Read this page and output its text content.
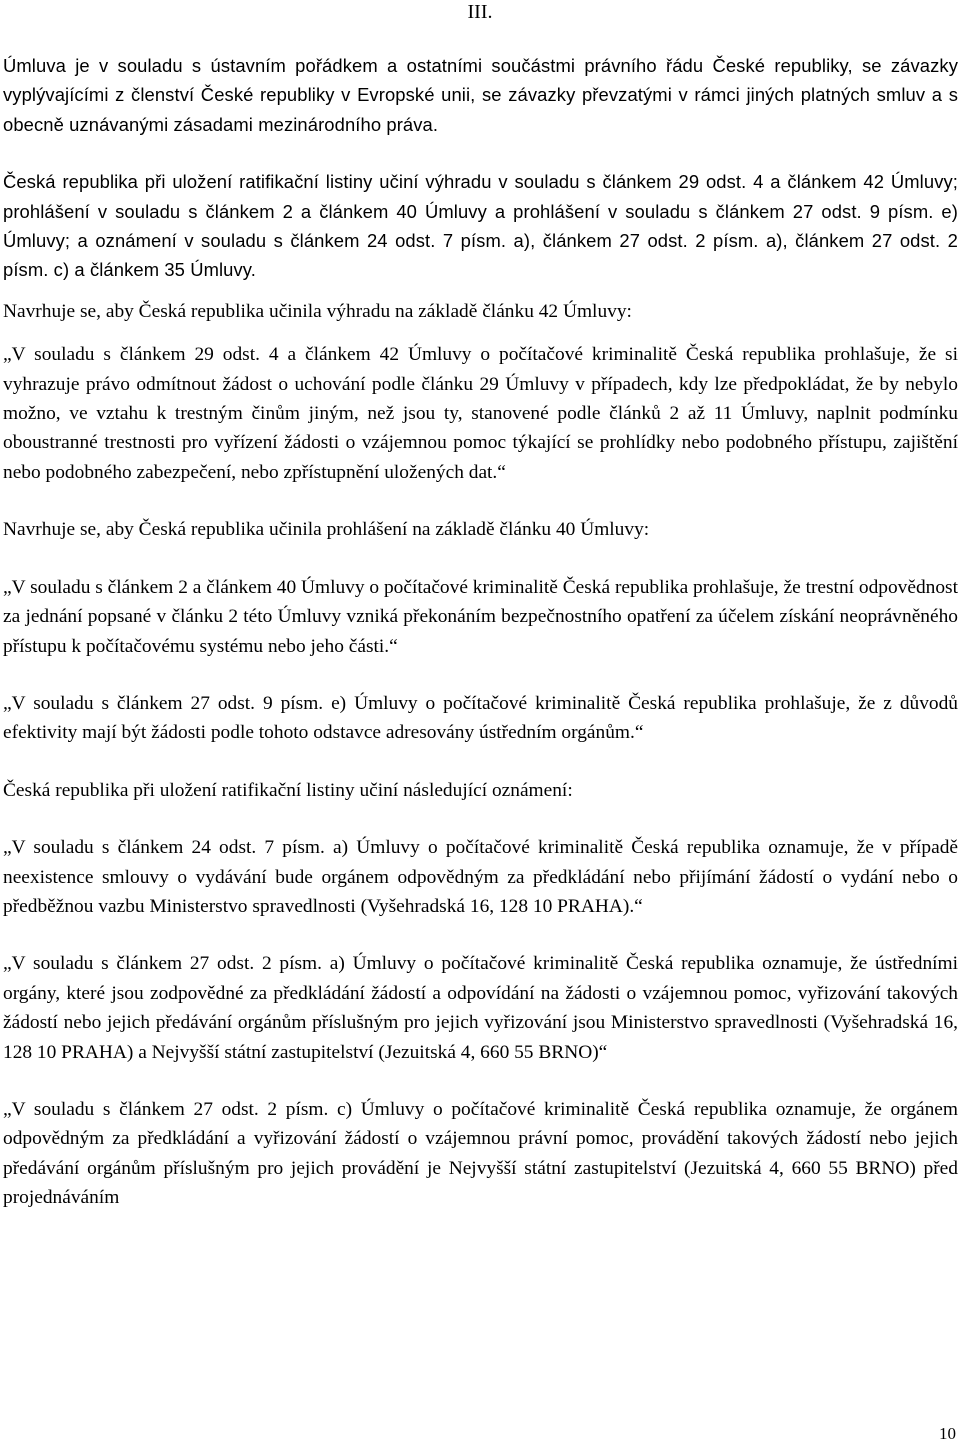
III.

Úmluva je v souladu s ústavním pořádkem a ostatními součástmi právního řádu České republiky, se závazky vyplývajícími z členství České republiky v Evropské unii, se závazky převzatými v rámci jiných platných smluv a s obecně uznávanými zásadami mezinárodního práva.

Česká republika při uložení ratifikační listiny učiní výhradu v souladu s článkem 29 odst. 4 a článkem 42 Úmluvy; prohlášení v souladu s článkem 2 a článkem 40 Úmluvy a prohlášení v souladu s článkem 27 odst. 9 písm. e) Úmluvy; a oznámení v souladu s článkem 24 odst. 7 písm. a), článkem 27 odst. 2 písm. a), článkem 27 odst. 2 písm. c) a článkem 35 Úmluvy.

Navrhuje se, aby Česká republika učinila výhradu na základě článku 42 Úmluvy:

„V souladu s článkem 29 odst. 4 a článkem 42 Úmluvy o počítačové kriminalitě Česká republika prohlašuje, že si vyhrazuje právo odmítnout žádost o uchování podle článku 29 Úmluvy v případech, kdy lze předpokládat, že by nebylo možno, ve vztahu k trestným činům jiným, než jsou ty, stanovené podle článků 2 až 11 Úmluvy, naplnit podmínku oboustranné trestnosti pro vyřízení žádosti o vzájemnou pomoc týkající se prohlídky nebo podobného přístupu, zajištění nebo podobného zabezpečení, nebo zpřístupnění uložených dat.“

Navrhuje se, aby Česká republika učinila prohlášení na základě článku 40 Úmluvy:

„V souladu s článkem 2 a článkem 40 Úmluvy o počítačové kriminalitě Česká republika prohlašuje, že trestní odpovědnost za jednání popsané v článku 2 této Úmluvy vzniká překonáním bezpečnostního opatření za účelem získání neoprávněného přístupu k počítačovému systému nebo jeho části.“

„V souladu s článkem 27 odst. 9 písm. e) Úmluvy o počítačové kriminalitě Česká republika prohlašuje, že z důvodů efektivity mají být žádosti podle tohoto odstavce adresovány ústředním orgánům.“

Česká republika při uložení ratifikační listiny učiní následující oznámení:

„V souladu s článkem 24 odst. 7 písm. a) Úmluvy o počítačové kriminalitě Česká republika oznamuje, že v případě neexistence smlouvy o vydávání bude orgánem odpovědným za předkládání nebo přijímání žádostí o vydání nebo o předběžnou vazbu Ministerstvo spravedlnosti (Vyšehradská 16, 128 10 PRAHA).“

„V souladu s článkem 27 odst. 2 písm. a) Úmluvy o počítačové kriminalitě Česká republika oznamuje, že ústředními orgány, které jsou zodpovědné za předkládání žádostí a odpovídání na žádosti o vzájemnou pomoc, vyřizování takových žádostí nebo jejich předávání orgánům příslušným pro jejich vyřizování jsou Ministerstvo spravedlnosti (Vyšehradská 16, 128 10 PRAHA) a Nejvyšší státní zastupitelství (Jezuitská 4, 660 55 BRNO)“

„V souladu s článkem 27 odst. 2 písm. c) Úmluvy o počítačové kriminalitě Česká republika oznamuje, že orgánem odpovědným za předkládání a vyřizování žádostí o vzájemnou právní pomoc, provádění takových žádostí nebo jejich předávání orgánům příslušným pro jejich provádění je Nejvyšší státní zastupitelství (Jezuitská 4, 660 55 BRNO) před projednáváním

10
